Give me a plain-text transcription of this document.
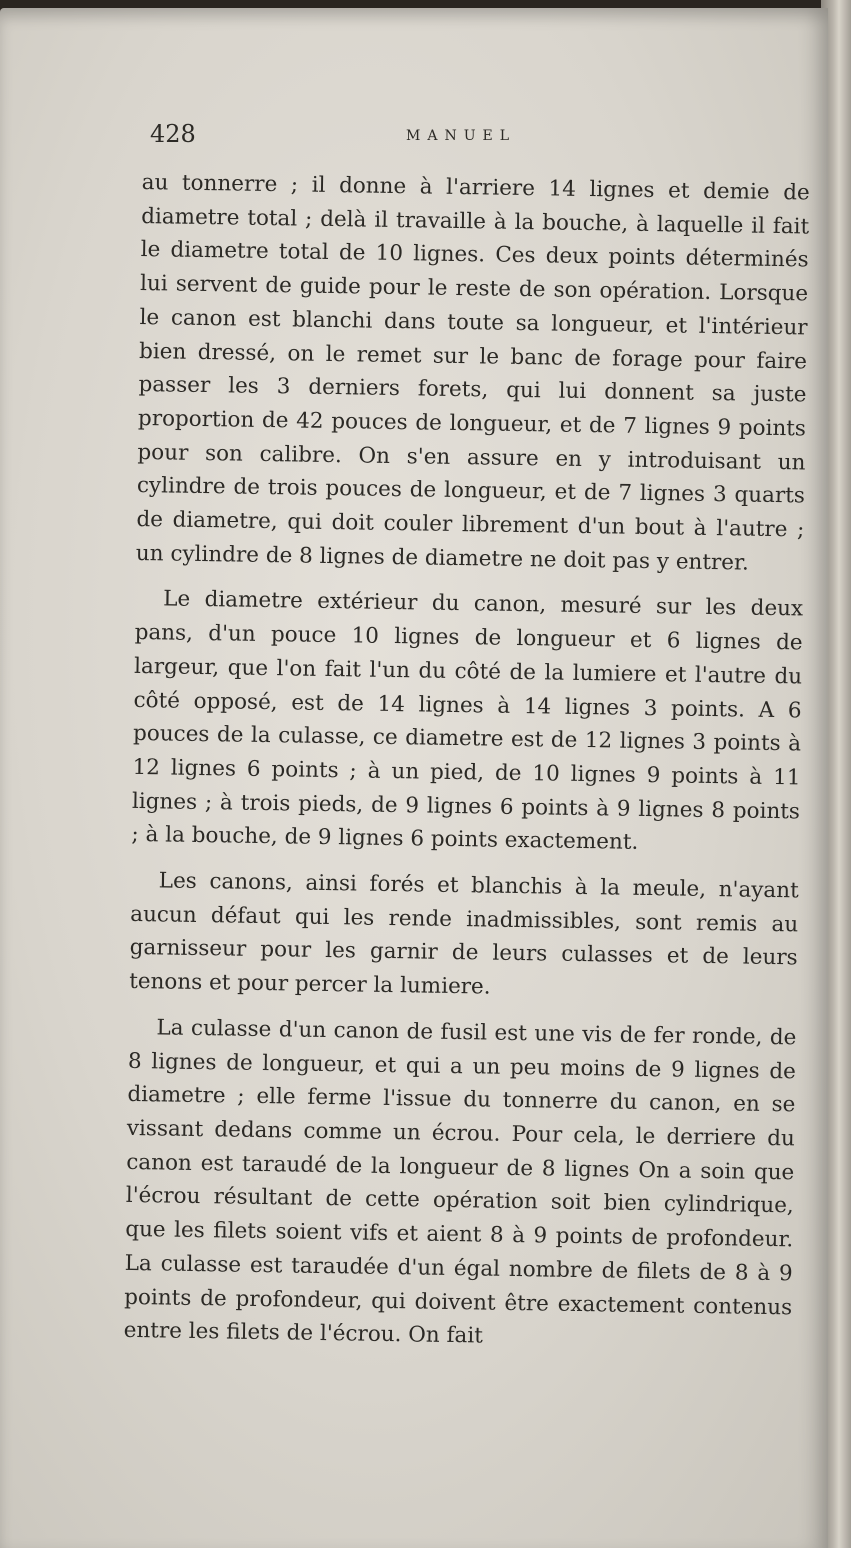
428	MANUEL

au tonnerre ; il donne à l'arriere 14 lignes et demie de diametre total ; delà il travaille à la bouche, à laquelle il fait le diametre total de 10 lignes. Ces deux points déterminés lui servent de guide pour le reste de son opération. Lorsque le canon est blanchi dans toute sa longueur, et l'intérieur bien dressé, on le remet sur le banc de forage pour faire passer les 3 derniers forets, qui lui donnent sa juste proportion de 42 pouces de longueur, et de 7 lignes 9 points pour son calibre. On s'en assure en y introduisant un cylindre de trois pouces de longueur, et de 7 lignes 3 quarts de diametre, qui doit couler librement d'un bout à l'autre ; un cylindre de 8 lignes de diametre ne doit pas y entrer.

Le diametre extérieur du canon, mesuré sur les deux pans, d'un pouce 10 lignes de longueur et 6 lignes de largeur, que l'on fait l'un du côté de la lumiere et l'autre du côté opposé, est de 14 lignes à 14 lignes 3 points. A 6 pouces de la culasse, ce diametre est de 12 lignes 3 points à 12 lignes 6 points ; à un pied, de 10 lignes 9 points à 11 lignes ; à trois pieds, de 9 lignes 6 points à 9 lignes 8 points ; à la bouche, de 9 lignes 6 points exactement.

Les canons, ainsi forés et blanchis à la meule, n'ayant aucun défaut qui les rende inadmissibles, sont remis au garnisseur pour les garnir de leurs culasses et de leurs tenons et pour percer la lumiere.

La culasse d'un canon de fusil est une vis de fer ronde, de 8 lignes de longueur, et qui a un peu moins de 9 lignes de diametre ; elle ferme l'issue du tonnerre du canon, en se vissant dedans comme un écrou. Pour cela, le derriere du canon est taraudé de la longueur de 8 lignes On a soin que l'écrou résultant de cette opération soit bien cylindrique, que les filets soient vifs et aient 8 à 9 points de profondeur. La culasse est taraudée d'un égal nombre de filets de 8 à 9 points de profondeur, qui doivent être exactement contenus entre les filets de l'écrou. On fait
